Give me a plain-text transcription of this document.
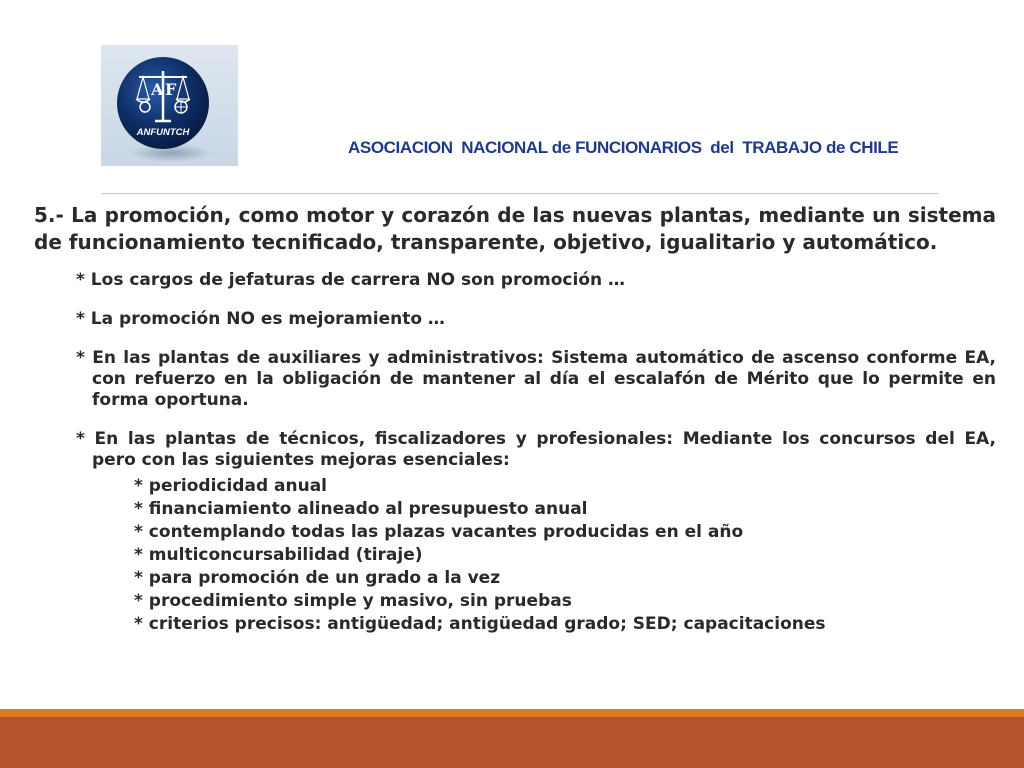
A F
ANFUNTCH
ASOCIACION  NACIONAL de FUNCIONARIOS  del  TRABAJO de CHILE

5.- La promoción, como motor y corazón de las nuevas plantas, mediante un sistema de funcionamiento tecnificado, transparente, objetivo, igualitario y automático.

* Los cargos de jefaturas de carrera NO son promoción …
* La promoción NO es mejoramiento …
* En las plantas de auxiliares y administrativos: Sistema automático de ascenso conforme EA, con refuerzo en la obligación de mantener al día el escalafón de Mérito que lo permite en forma oportuna.
* En las plantas de técnicos, fiscalizadores y profesionales: Mediante los concursos del EA, pero con las siguientes mejoras esenciales:
* periodicidad anual
* financiamiento alineado al presupuesto anual
* contemplando todas las plazas vacantes producidas en el año
* multiconcursabilidad (tiraje)
* para promoción de un grado a la vez
* procedimiento simple y masivo, sin pruebas
* criterios precisos: antigüedad; antigüedad grado; SED; capacitaciones
